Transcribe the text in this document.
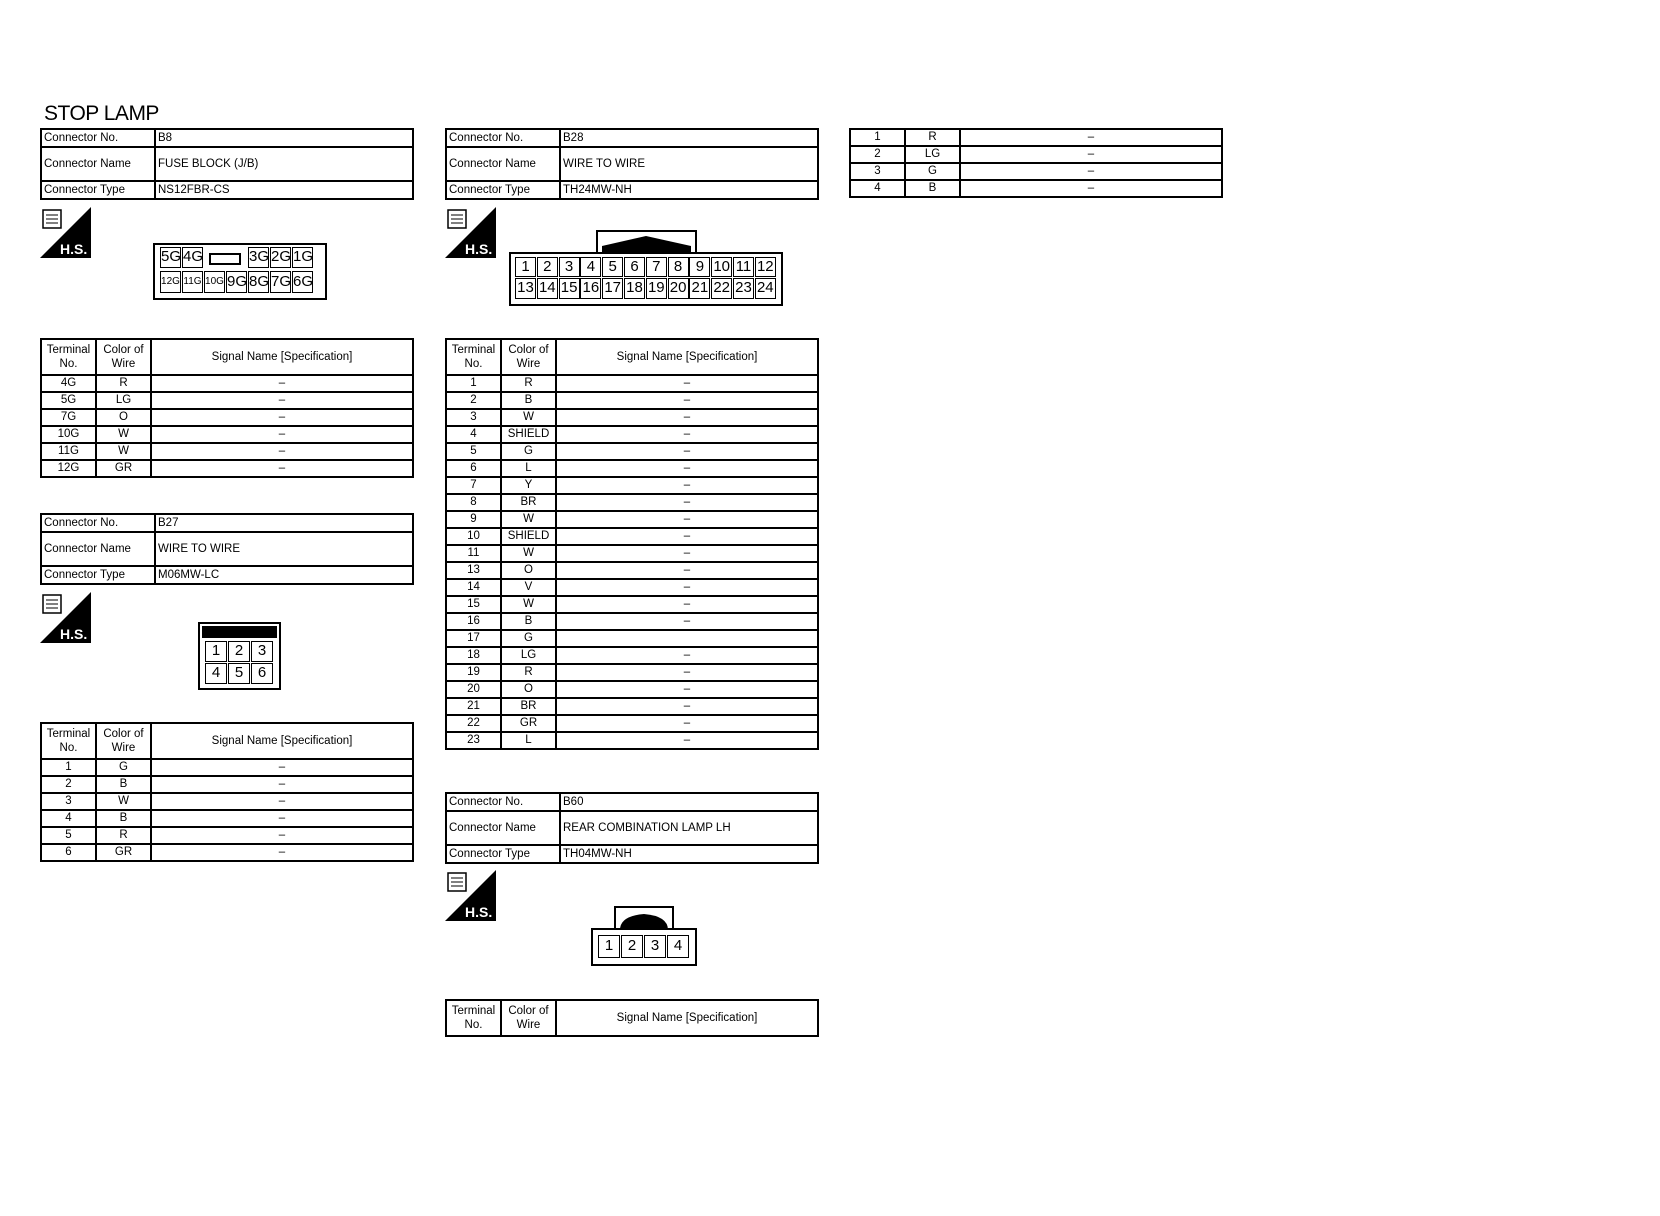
STOP LAMP
Connector No.	B8
Connector Name	FUSE BLOCK (J/B)
Connector Type	NS12FBR-CS
H.S.	5G 4G	3G 2G 1G
12G 11G 10G 9G 8G 7G 6G
Terminal No.	Color of Wire	Signal Name [Specification]
4G	R	–
5G	LG	–
7G	O	–
10G	W	–
11G	W	–
12G	GR	–
Connector No.	B27
Connector Name	WIRE TO WIRE
Connector Type	M06MW-LC
H.S.
1 2 3
4 5 6
Terminal No.	Color of Wire	Signal Name [Specification]
1	G	–
2	B	–
3	W	–
4	B	–
5	R	–
6	GR	–
Connector No.	B28
Connector Name	WIRE TO WIRE
Connector Type	TH24MW-NH
H.S.
1 2 3 4 5 6 7 8 9 10 11 12
13 14 15 16 17 18 19 20 21 22 23 24
Terminal No.	Color of Wire	Signal Name [Specification]
1	R	–
2	B	–
3	W	–
4	SHIELD	–
5	G	–
6	L	–
7	Y	–
8	BR	–
9	W	–
10	SHIELD	–
11	W	–
13	O	–
14	V	–
15	W	–
16	B	–
17	G	
18	LG	–
19	R	–
20	O	–
21	BR	–
22	GR	–
23	L	–
Connector No.	B60
Connector Name	REAR COMBINATION LAMP LH
Connector Type	TH04MW-NH
H.S.
1 2 3 4
Terminal No.	Color of Wire	Signal Name [Specification]
1	R	–
2	LG	–
3	G	–
4	B	–
